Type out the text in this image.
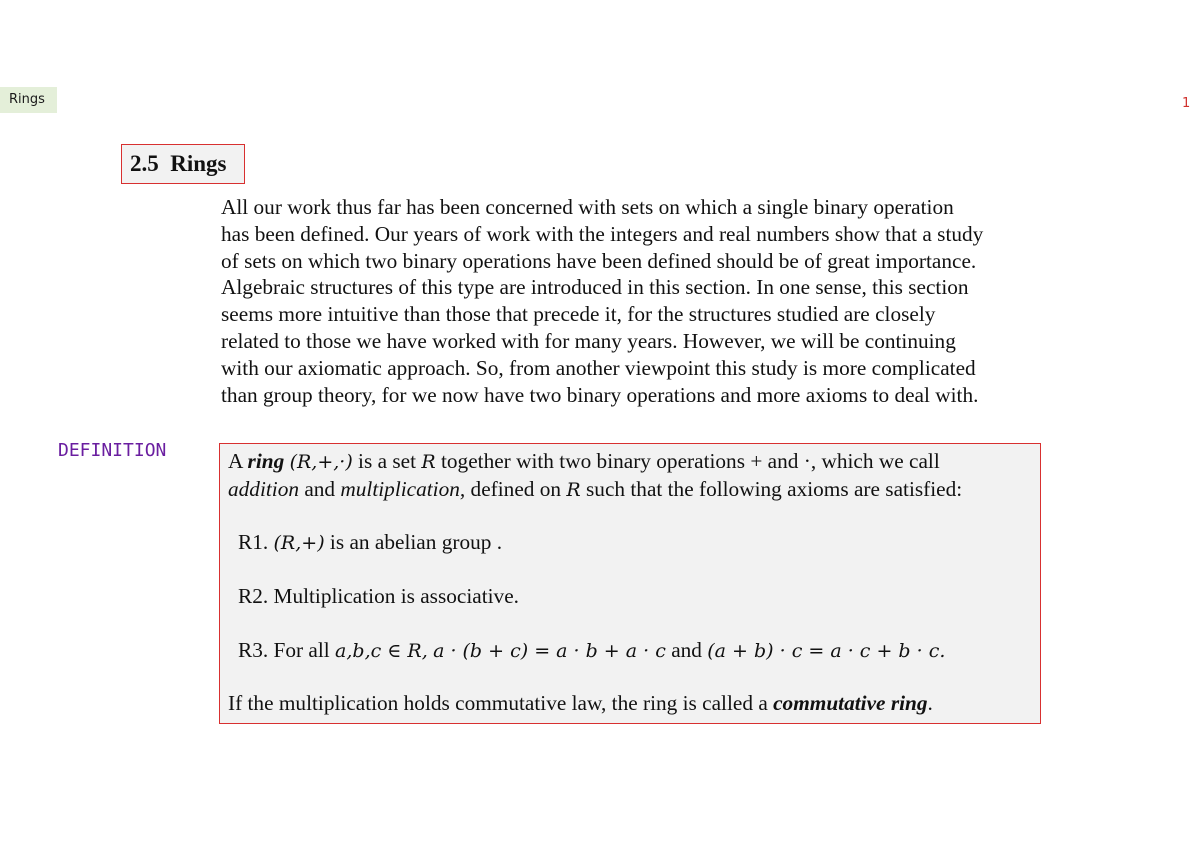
Rings	1
2.5 Rings
All our work thus far has been concerned with sets on which a single binary operation
has been defined. Our years of work with the integers and real numbers show that a study
of sets on which two binary operations have been defined should be of great importance.
Algebraic structures of this type are introduced in this section. In one sense, this section
seems more intuitive than those that precede it, for the structures studied are closely
related to those we have worked with for many years. However, we will be continuing
with our axiomatic approach. So, from another viewpoint this study is more complicated
than group theory, for we now have two binary operations and more axioms to deal with.
DEFINITION	A ring (R,+,·) is a set R together with two binary operations + and ·, which we call
addition and multiplication, defined on R such that the following axioms are satisfied:
R1. (R,+) is an abelian group .
R2. Multiplication is associative.
R3. For all a,b,c ∈ R, a · (b + c) = a · b + a · c and (a + b) · c = a · c + b · c.
If the multiplication holds commutative law, the ring is called a commutative ring.
